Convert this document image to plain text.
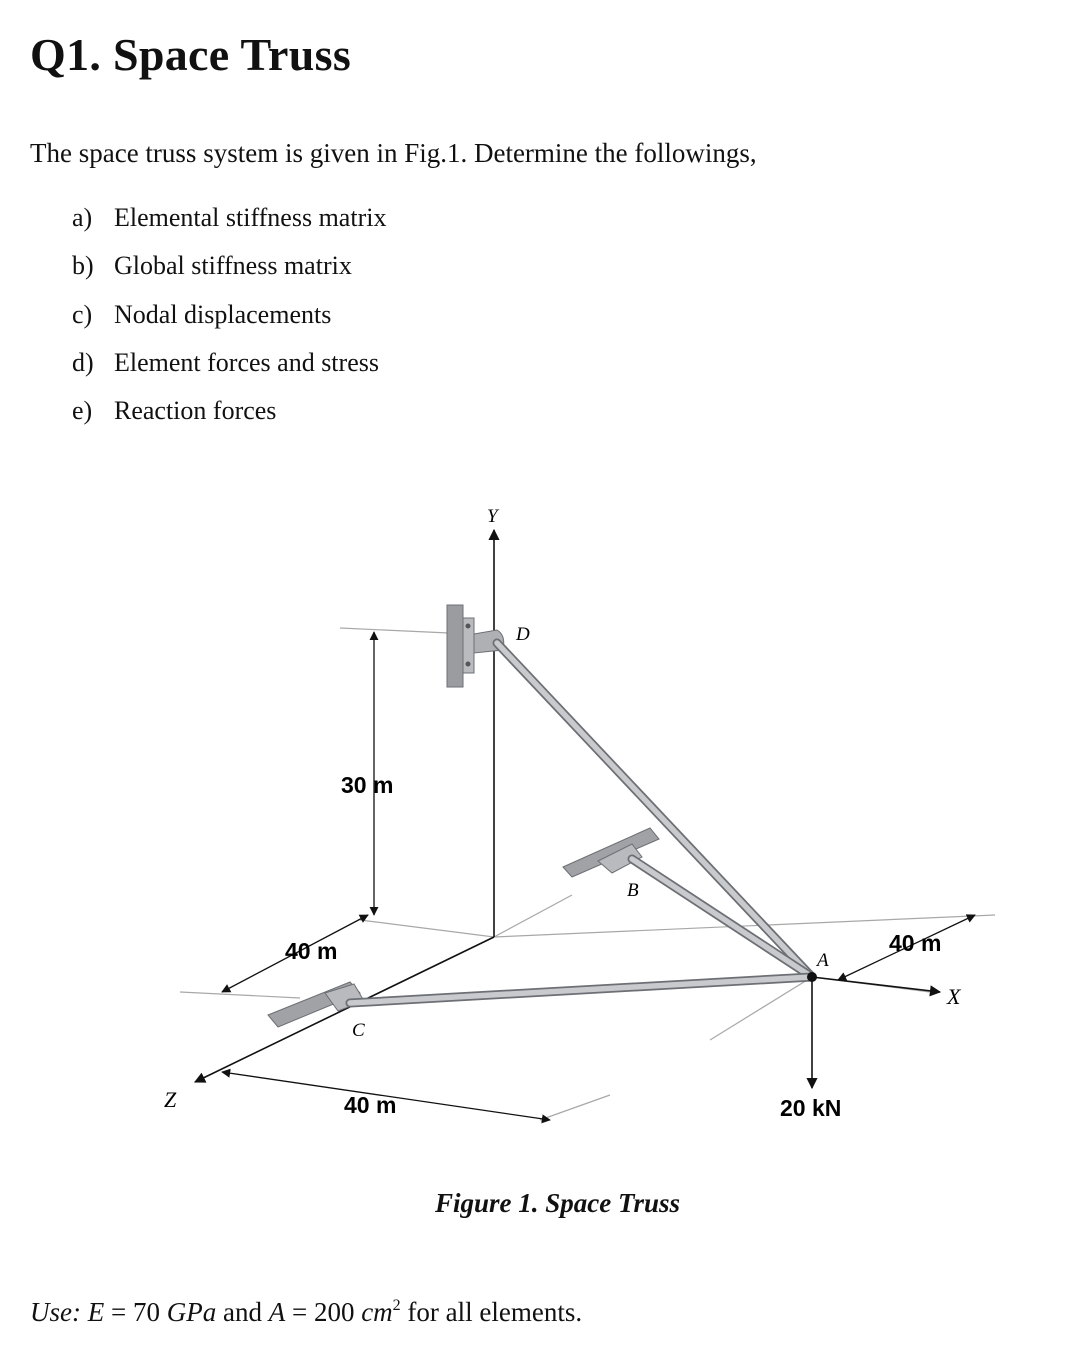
Q1. Space Truss

The space truss system is given in Fig.1. Determine the followings,

a) Elemental stiffness matrix
b) Global stiffness matrix
c) Nodal displacements
d) Element forces and stress
e) Reaction forces
Y
X
Z
D
B
A
C
30 m
40 m
40 m
40 m
20 kN

Figure 1. Space Truss

Use: E = 70 GPa and A = 200 $cm^2$ for all elements.
